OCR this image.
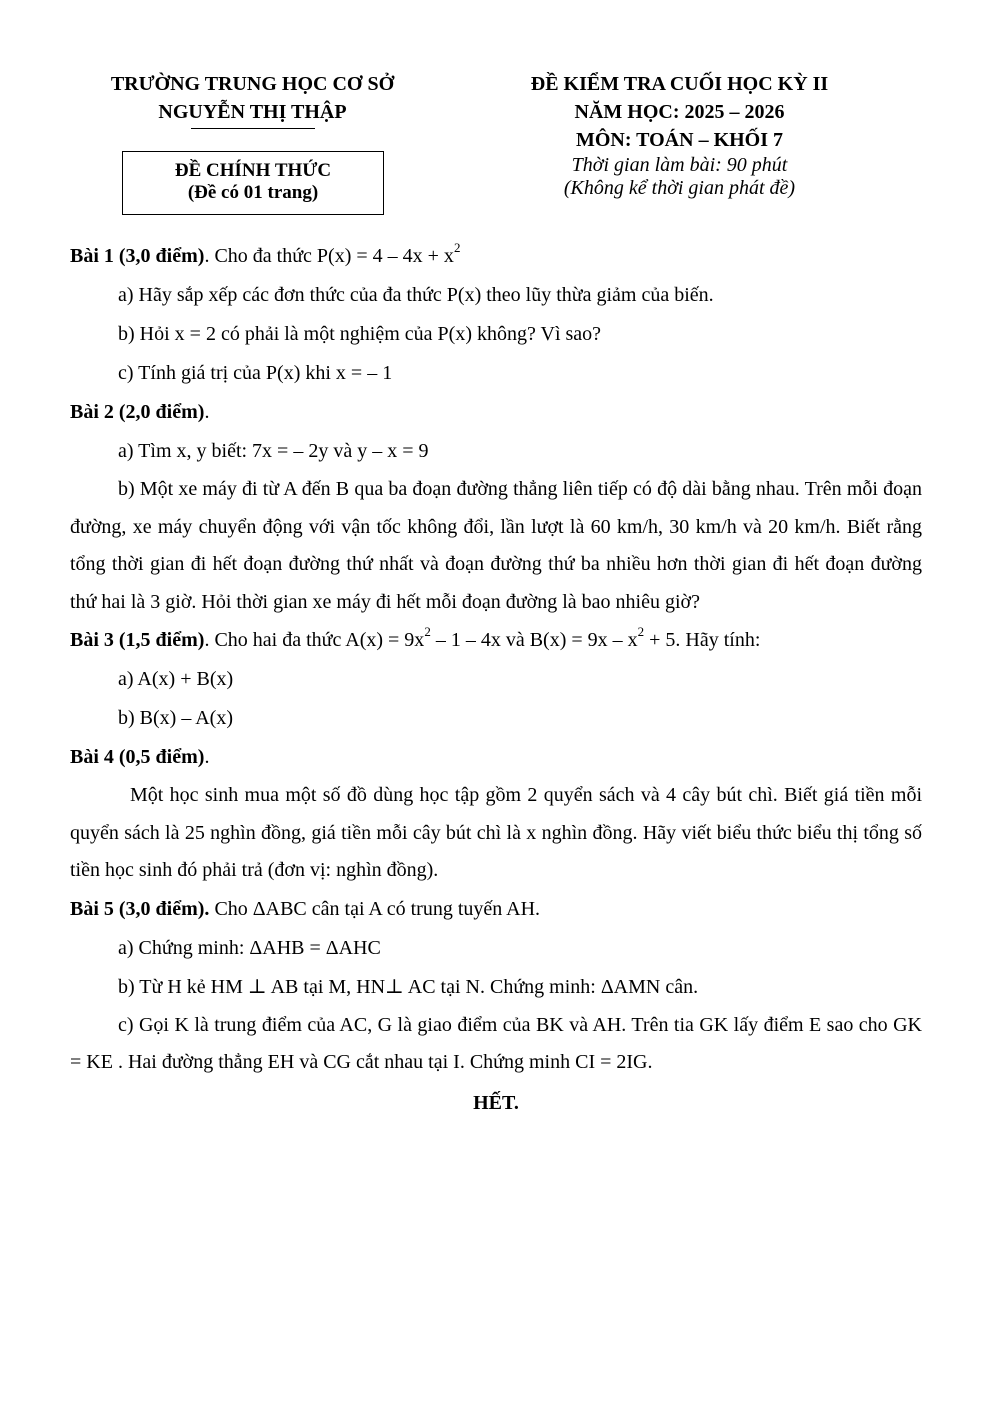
TRƯỜNG TRUNG HỌC CƠ SỞ
NGUYỄN THỊ THẬP
ĐỀ CHÍNH THỨC
(Đề có 01 trang)
ĐỀ KIỂM TRA CUỐI HỌC KỲ II
NĂM HỌC: 2025 – 2026
MÔN: TOÁN – KHỐI 7
Thời gian làm bài: 90 phút
(Không kể thời gian phát đề)
Bài 1 (3,0 điểm). Cho đa thức $P(x) = 4 - 4x + x^2$
a) Hãy sắp xếp các đơn thức của đa thức P(x) theo lũy thừa giảm của biến.
b) Hỏi x = 2 có phải là một nghiệm của P(x) không? Vì sao?
c) Tính giá trị của P(x) khi x = – 1
Bài 2 (2,0 điểm).
a) Tìm x, y biết: 7x = – 2y và y – x = 9

b) Một xe máy đi từ A đến B qua ba đoạn đường thẳng liên tiếp có độ dài bằng nhau. Trên mỗi đoạn đường, xe máy chuyển động với vận tốc không đổi, lần lượt là 60 km/h, 30 km/h và 20 km/h. Biết rằng tổng thời gian đi hết đoạn đường thứ nhất và đoạn đường thứ ba nhiều hơn thời gian đi hết đoạn đường thứ hai là 3 giờ. Hỏi thời gian xe máy đi hết mỗi đoạn đường là bao nhiêu giờ?

Bài 3 (1,5 điểm). Cho hai đa thức $A(x) = 9x^2 - 1 - 4x$ và $B(x) = 9x - x^2 + 5$. Hãy tính:
a) A(x) + B(x)
b) B(x) – A(x)
Bài 4 (0,5 điểm).

Một học sinh mua một số đồ dùng học tập gồm 2 quyển sách và 4 cây bút chì. Biết giá tiền mỗi quyển sách là 25 nghìn đồng, giá tiền mỗi cây bút chì là x nghìn đồng. Hãy viết biểu thức biểu thị tổng số tiền học sinh đó phải trả (đơn vị: nghìn đồng).

Bài 5 (3,0 điểm). Cho ΔABC cân tại A có trung tuyến AH.
a) Chứng minh: ΔAHB = ΔAHC
b) Từ H kẻ HM ⊥ AB tại M, HN⊥ AC tại N. Chứng minh: ΔAMN cân.

c) Gọi K là trung điểm của AC, G là giao điểm của BK và AH. Trên tia GK lấy điểm E sao cho GK = KE . Hai đường thẳng EH và CG cắt nhau tại I. Chứng minh CI = 2IG.

HẾT.
